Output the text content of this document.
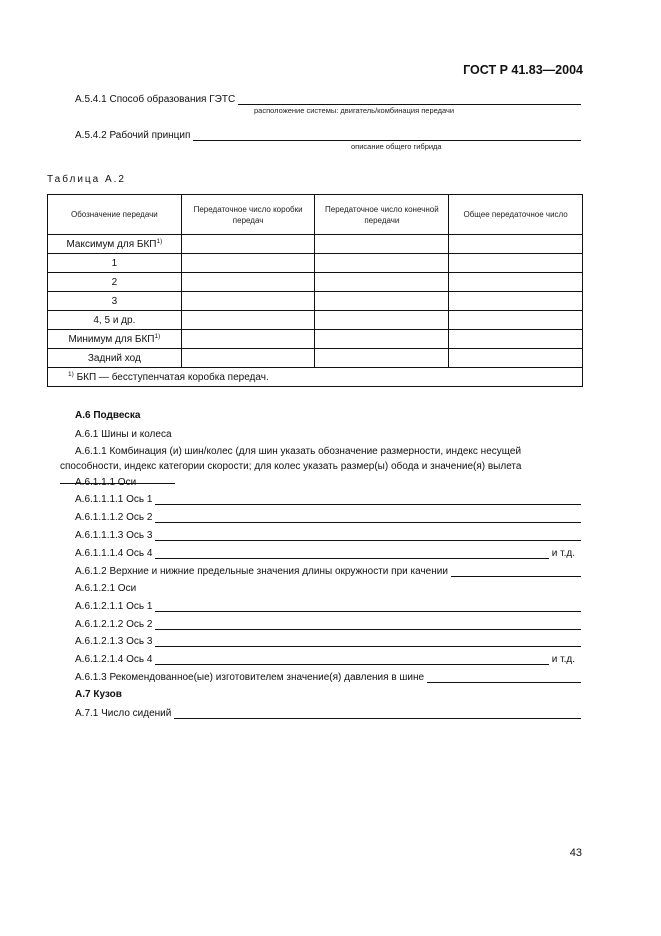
ГОСТ Р 41.83—2004
А.5.4.1 Способ образования ГЭТС
расположение системы: двигатель/комбинация передачи
А.5.4.2 Рабочий принцип
описание общего гибрида
Таблица А.2
Обозначение передачи	Передаточное число коробки передач	Передаточное число конечной передачи	Общее передаточное число
Максимум для БКП$^{1)}$			
1			
2			
3			
4, 5 и др.			
Минимум для БКП$^{1)}$			
Задний ход			
$^{1)}$ БКП — бесступенчатая коробка передач.			
А.6 Подвеска
А.6.1 Шины и колеса
А.6.1.1 Комбинация (и) шин/колес (для шин указать обозначение размерности, индекс несущей способности, индекс категории скорости; для колес указать размер(ы) обода и значение(я) вылета
А.6.1.1.1 Оси
А.6.1.1.1.1 Ось 1
А.6.1.1.1.2 Ось 2
А.6.1.1.1.3 Ось 3
А.6.1.1.1.4 Ось 4	и т.д.
А.6.1.2 Верхние и нижние предельные значения длины окружности при качении
А.6.1.2.1 Оси
А.6.1.2.1.1 Ось 1
А.6.1.2.1.2 Ось 2
А.6.1.2.1.3 Ось 3
А.6.1.2.1.4 Ось 4	и т.д.
А.6.1.3 Рекомендованное(ые) изготовителем значение(я) давления в шине
А.7 Кузов
А.7.1 Число сидений
43
